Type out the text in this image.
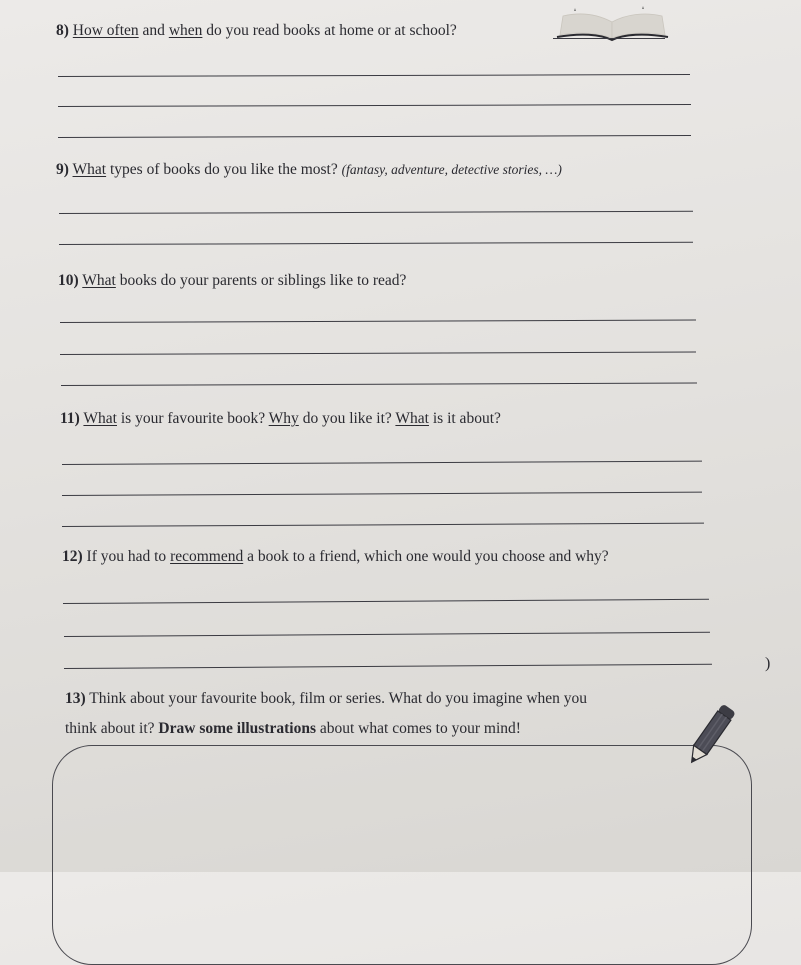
8) How often and when do you read books at home or at school?
9) What types of books do you like the most? (fantasy, adventure, detective stories, …)
10) What books do your parents or siblings like to read?
11) What is your favourite book? Why do you like it? What is it about?
12) If you had to recommend a book to a friend, which one would you choose and why?
)
13) Think about your favourite book, film or series. What do you imagine when you
think about it? Draw some illustrations about what comes to your mind!
